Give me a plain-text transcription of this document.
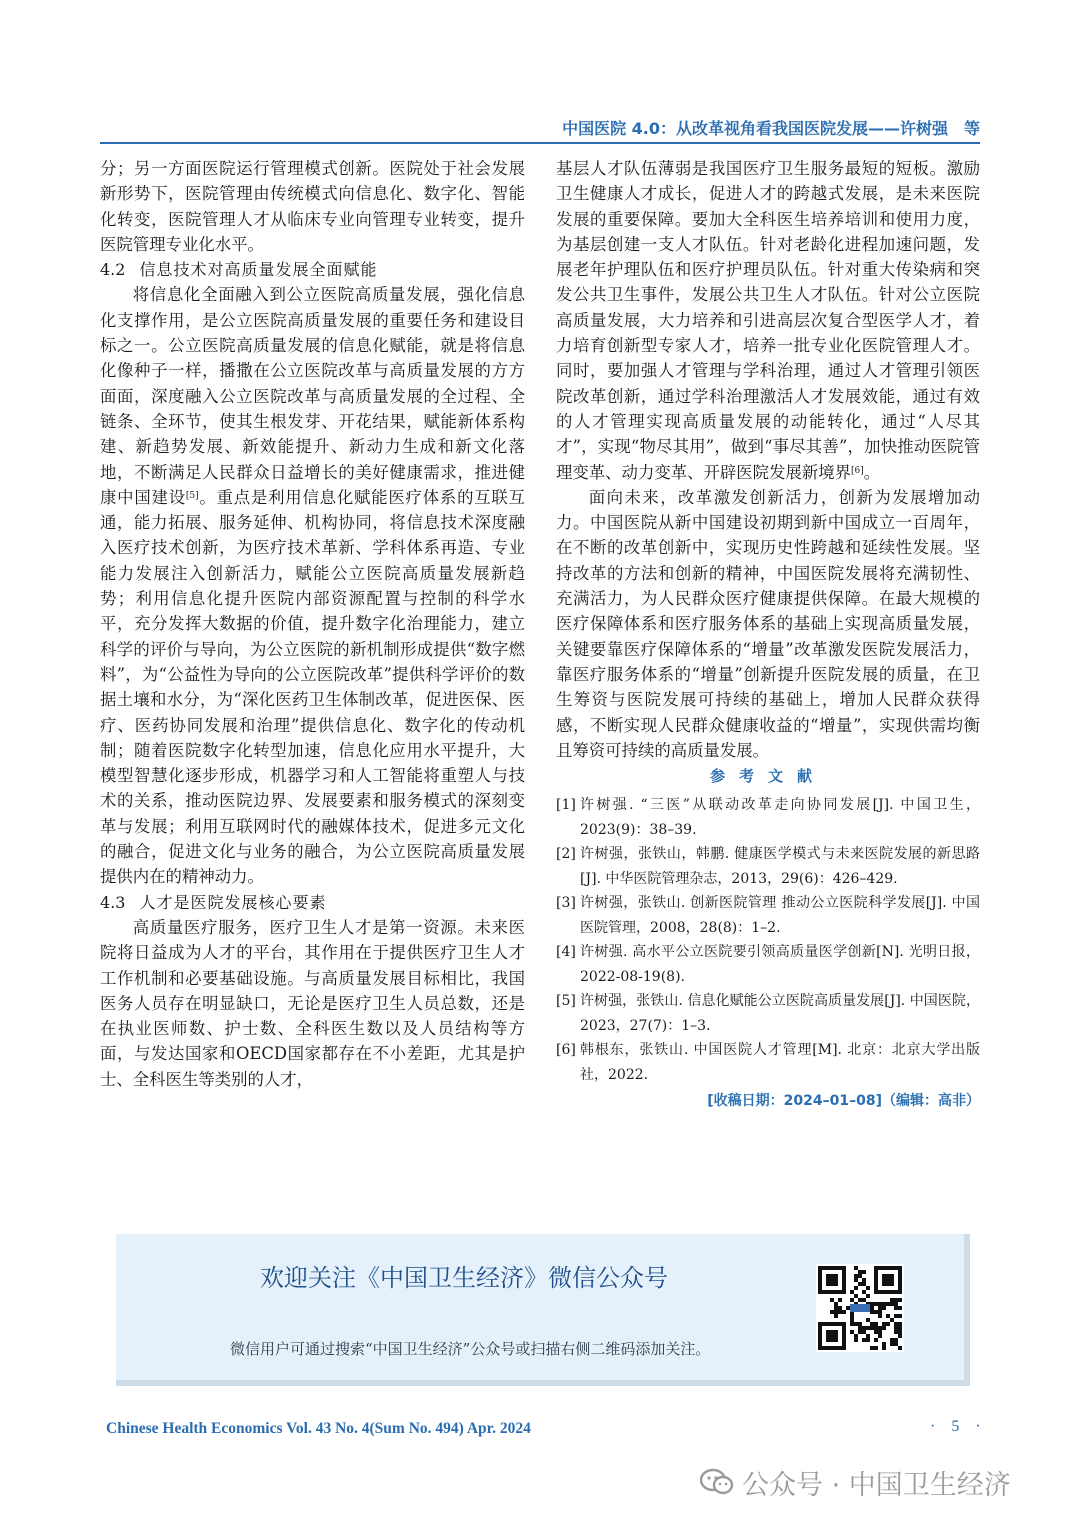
中国医院 4.0：从改革视角看我国医院发展——许树强　等

分；另一方面医院运行管理模式创新。医院处于社会发展新形势下，医院管理由传统模式向信息化、数字化、智能化转变，医院管理人才从临床专业向管理专业转变，提升医院管理专业化水平。

4.2 信息技术对高质量发展全面赋能

将信息化全面融入到公立医院高质量发展，强化信息化支撑作用，是公立医院高质量发展的重要任务和建设目标之一。公立医院高质量发展的信息化赋能，就是将信息化像种子一样，播撒在公立医院改革与高质量发展的方方面面，深度融入公立医院改革与高质量发展的全过程、全链条、全环节，使其生根发芽、开花结果，赋能新体系构建、新趋势发展、新效能提升、新动力生成和新文化落地，不断满足人民群众日益增长的美好健康需求，推进健康中国建设[5]。重点是利用信息化赋能医疗体系的互联互通，能力拓展、服务延伸、机构协同，将信息技术深度融入医疗技术创新，为医疗技术革新、学科体系再造、专业能力发展注入创新活力，赋能公立医院高质量发展新趋势；利用信息化提升医院内部资源配置与控制的科学水平，充分发挥大数据的价值，提升数字化治理能力，建立科学的评价与导向，为公立医院的新机制形成提供“数字燃料”，为“公益性为导向的公立医院改革”提供科学评价的数据土壤和水分，为“深化医药卫生体制改革，促进医保、医疗、医药协同发展和治理”提供信息化、数字化的传动机制；随着医院数字化转型加速，信息化应用水平提升，大模型智慧化逐步形成，机器学习和人工智能将重塑人与技术的关系，推动医院边界、发展要素和服务模式的深刻变革与发展；利用互联网时代的融媒体技术，促进多元文化的融合，促进文化与业务的融合，为公立医院高质量发展提供内在的精神动力。

4.3 人才是医院发展核心要素

高质量医疗服务，医疗卫生人才是第一资源。未来医院将日益成为人才的平台，其作用在于提供医疗卫生人才工作机制和必要基础设施。与高质量发展目标相比，我国医务人员存在明显缺口，无论是医疗卫生人员总数，还是在执业医师数、护士数、全科医生数以及人员结构等方面，与发达国家和OECD国家都存在不小差距，尤其是护士、全科医生等类别的人才，

基层人才队伍薄弱是我国医疗卫生服务最短的短板。激励卫生健康人才成长，促进人才的跨越式发展，是未来医院发展的重要保障。要加大全科医生培养培训和使用力度，为基层创建一支人才队伍。针对老龄化进程加速问题，发展老年护理队伍和医疗护理员队伍。针对重大传染病和突发公共卫生事件，发展公共卫生人才队伍。针对公立医院高质量发展，大力培养和引进高层次复合型医学人才，着力培育创新型专家人才，培养一批专业化医院管理人才。同时，要加强人才管理与学科治理，通过人才管理引领医院改革创新，通过学科治理激活人才发展效能，通过有效的人才管理实现高质量发展的动能转化，通过“人尽其才”，实现“物尽其用”，做到“事尽其善”，加快推动医院管理变革、动力变革、开辟医院发展新境界[6]。

面向未来，改革激发创新活力，创新为发展增加动力。中国医院从新中国建设初期到新中国成立一百周年，在不断的改革创新中，实现历史性跨越和延续性发展。坚持改革的方法和创新的精神，中国医院发展将充满韧性、充满活力，为人民群众医疗健康提供保障。在最大规模的医疗保障体系和医疗服务体系的基础上实现高质量发展，关键要靠医疗保障体系的“增量”改革激发医院发展活力，靠医疗服务体系的“增量”创新提升医院发展的质量，在卫生筹资与医院发展可持续的基础上，增加人民群众获得感，不断实现人民群众健康收益的“增量”，实现供需均衡且筹资可持续的高质量发展。

参考文献
[1] 许树强. “三医”从联动改革走向协同发展[J]. 中国卫生，2023(9)：38–39.
[2] 许树强，张铁山，韩鹏. 健康医学模式与未来医院发展的新思路[J]. 中华医院管理杂志，2013，29(6)：426–429.
[3] 许树强，张铁山. 创新医院管理 推动公立医院科学发展[J]. 中国医院管理，2008，28(8)：1–2.
[4] 许树强. 高水平公立医院要引领高质量医学创新[N]. 光明日报，2022-08-19(8).
[5] 许树强，张铁山. 信息化赋能公立医院高质量发展[J]. 中国医院，2023，27(7)：1–3.
[6] 韩根东，张铁山. 中国医院人才管理[M]. 北京：北京大学出版社，2022.
[收稿日期：2024–01–08]（编辑：高非）
欢迎关注《中国卫生经济》微信公众号
微信用户可通过搜索“中国卫生经济”公众号或扫描右侧二维码添加关注。
Chinese Health Economics Vol. 43 No. 4(Sum No. 494) Apr. 2024	· 5 ·
公众号 · 中国卫生经济
